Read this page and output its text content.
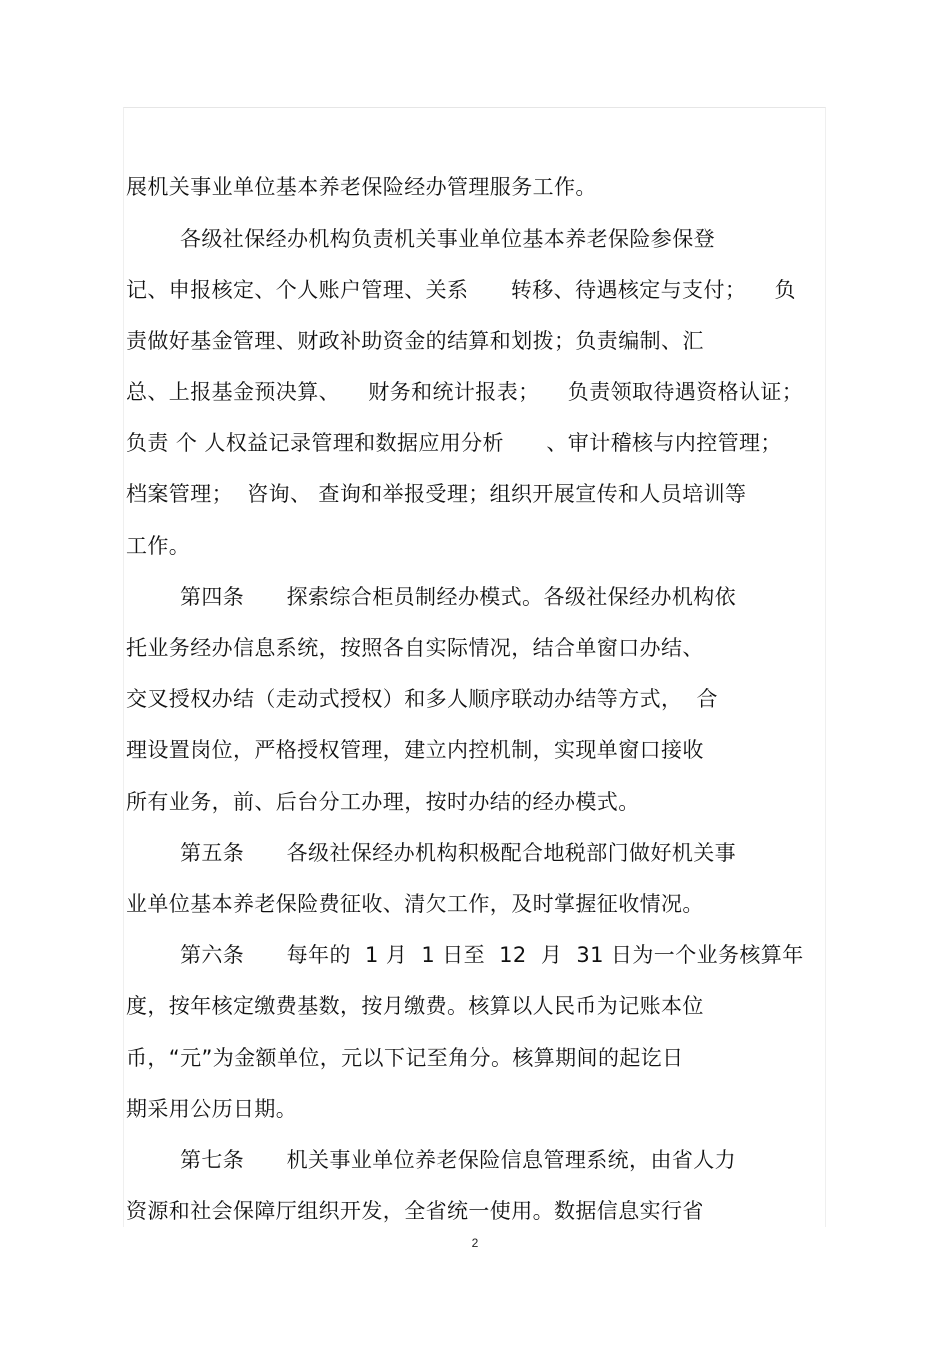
展机关事业单位基本养老保险经办管理服务工作。
各级社保经办机构负责机关事业单位基本养老保险参保登
记、申报核定、个人账户管理、关系      转移、待遇核定与支付；    负
责做好基金管理、财政补助资金的结算和划拨；负责编制、汇
总、上报基金预决算、    财务和统计报表；    负责领取待遇资格认证；
负责 个 人权益记录管理和数据应用分析      、审计稽核与内控管理；
档案管理；  咨询、 查询和举报受理；组织开展宣传和人员培训等
工作。
第四条      探索综合柜员制经办模式。各级社保经办机构依
托业务经办信息系统，按照各自实际情况，结合单窗口办结、
交叉授权办结（走动式授权）和多人顺序联动办结等方式，  合
理设置岗位，严格授权管理，建立内控机制，实现单窗口接收
所有业务，前、后台分工办理，按时办结的经办模式。
第五条      各级社保经办机构积极配合地税部门做好机关事
业单位基本养老保险费征收、清欠工作，及时掌握征收情况。
第六条      每年的  1 月  1 日至  12  月  31 日为一个业务核算年
度，按年核定缴费基数，按月缴费。核算以人民币为记账本位
币，“元”为金额单位，元以下记至角分。核算期间的起讫日
期采用公历日期。
第七条      机关事业单位养老保险信息管理系统，由省人力
资源和社会保障厅组织开发，全省统一使用。数据信息实行省
2
